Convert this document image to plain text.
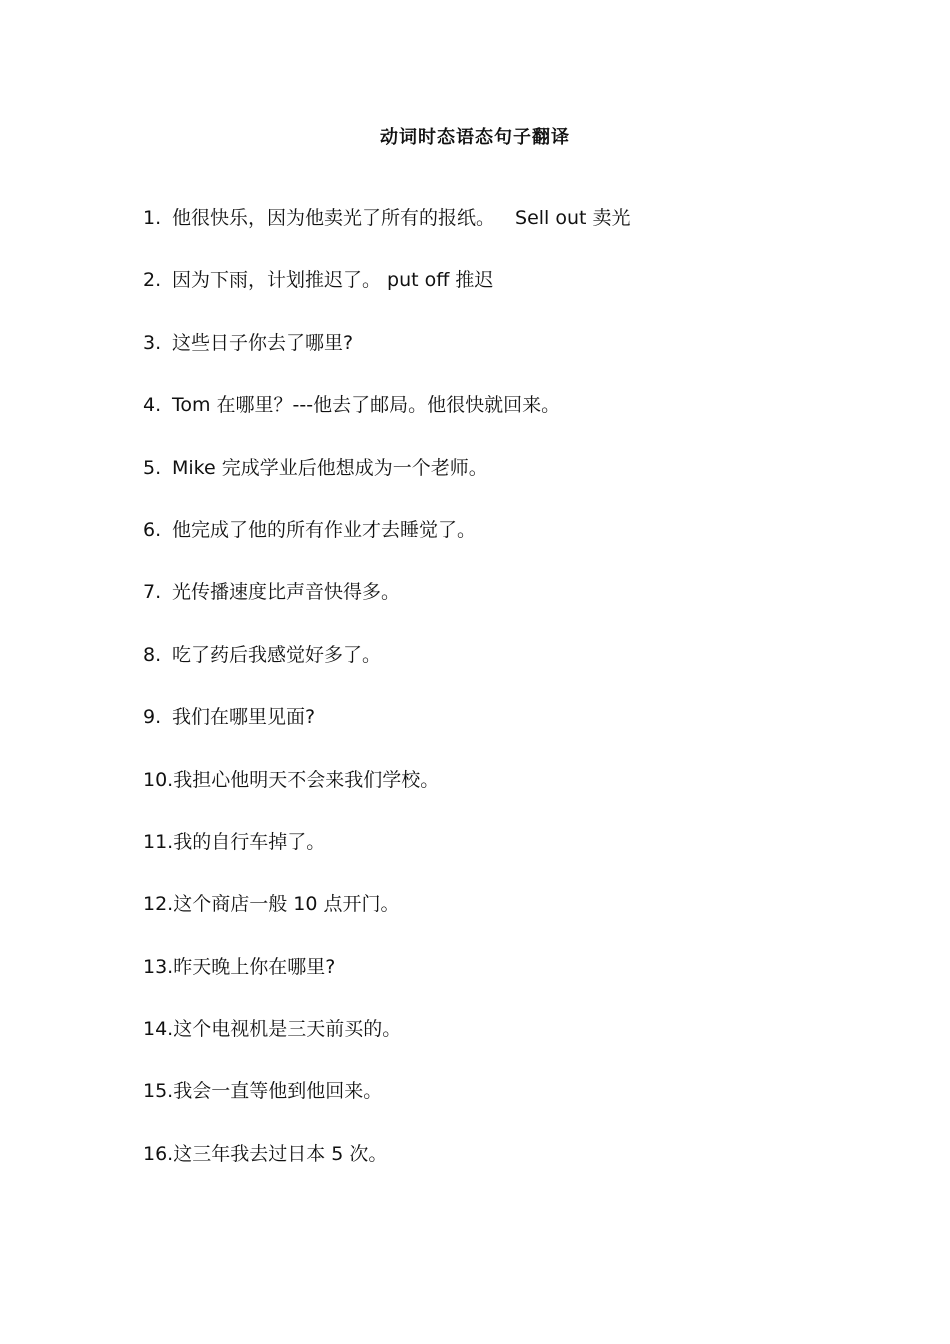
动词时态语态句子翻译
1. 他很快乐，因为他卖光了所有的报纸。 Sell out 卖光
2. 因为下雨，计划推迟了。 put off 推迟
3. 这些日子你去了哪里?
4. Tom 在哪里？---他去了邮局。他很快就回来。
5. Mike 完成学业后他想成为一个老师。
6. 他完成了他的所有作业才去睡觉了。
7. 光传播速度比声音快得多。
8. 吃了药后我感觉好多了。
9. 我们在哪里见面?
10. 我担心他明天不会来我们学校。
11. 我的自行车掉了。
12. 这个商店一般 10 点开门。
13. 昨天晚上你在哪里?
14. 这个电视机是三天前买的。
15. 我会一直等他到他回来。
16. 这三年我去过日本 5 次。
